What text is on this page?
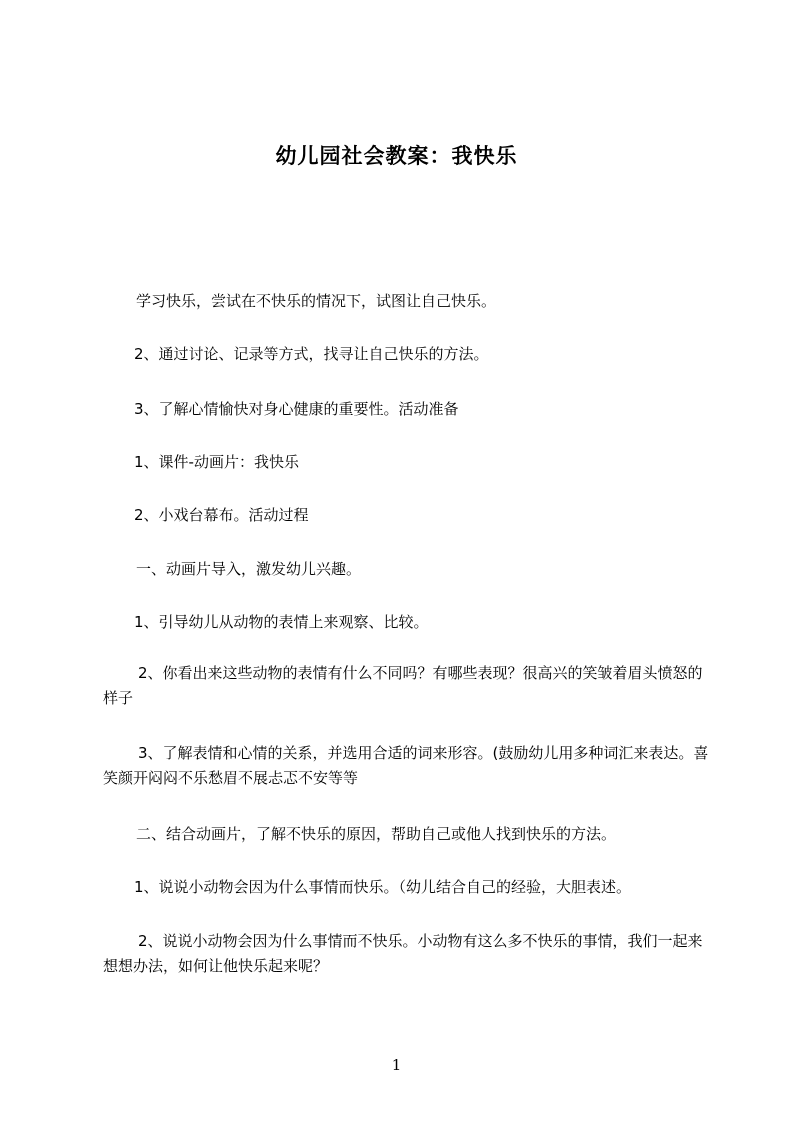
幼儿园社会教案：我快乐
学习快乐，尝试在不快乐的情况下，试图让自己快乐。
2、通过讨论、记录等方式，找寻让自己快乐的方法。
3、了解心情愉快对身心健康的重要性。活动准备
1、课件-动画片：我快乐
2、小戏台幕布。活动过程
一、动画片导入，激发幼儿兴趣。
1、引导幼儿从动物的表情上来观察、比较。
2、你看出来这些动物的表情有什么不同吗？有哪些表现？很高兴的笑皱着眉头愤怒的样子
3、了解表情和心情的关系，并选用合适的词来形容。(鼓励幼儿用多种词汇来表达。喜笑颜开闷闷不乐愁眉不展忐忑不安等等
二、结合动画片，了解不快乐的原因，帮助自己或他人找到快乐的方法。
1、说说小动物会因为什么事情而快乐。（幼儿结合自己的经验，大胆表述。
2、说说小动物会因为什么事情而不快乐。小动物有这么多不快乐的事情，我们一起来想想办法，如何让他快乐起来呢？
1
